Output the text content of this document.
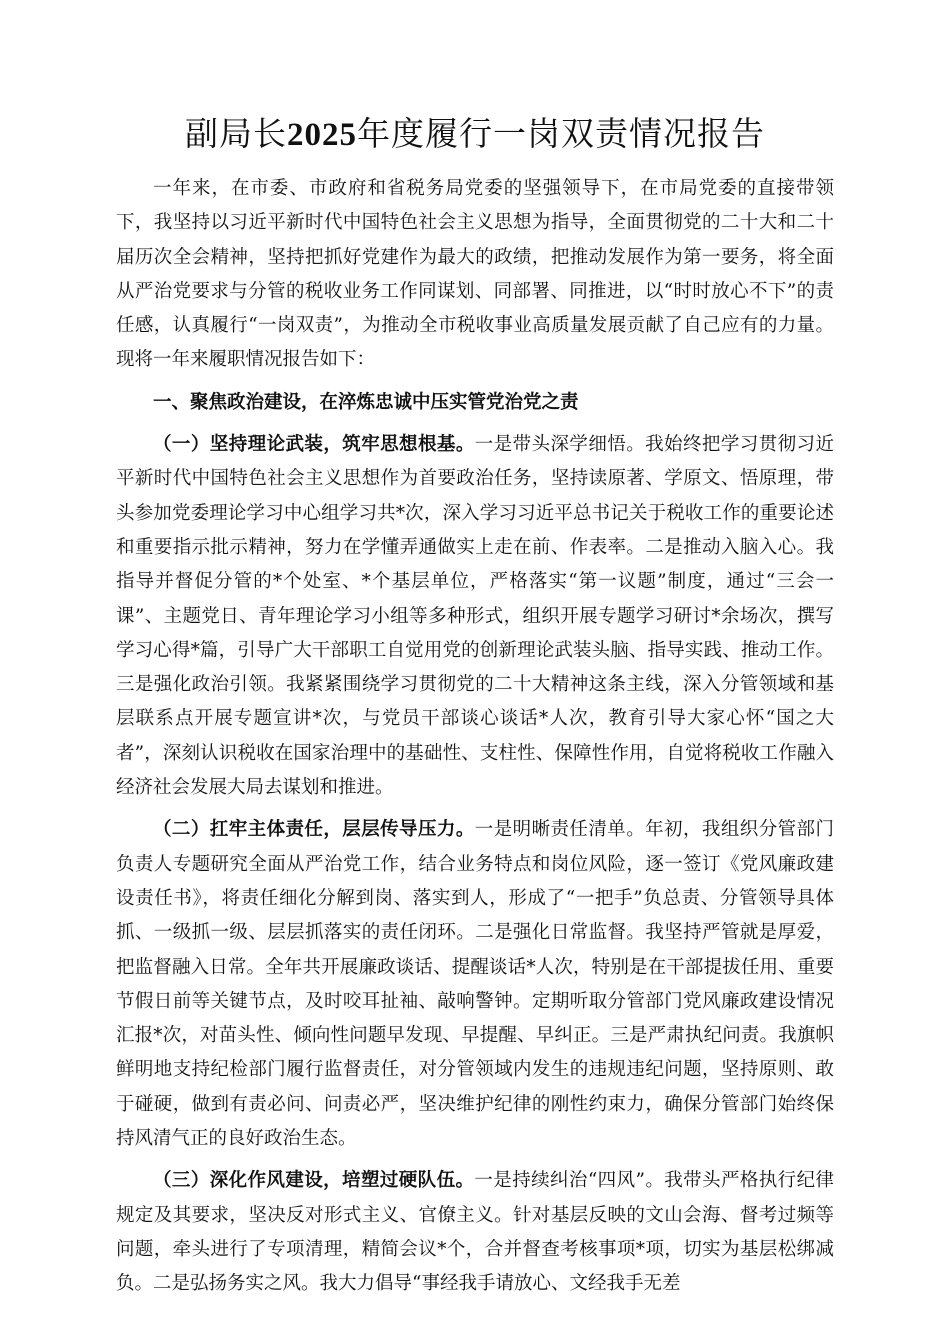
副局长2025年度履行一岗双责情况报告

一年来，在市委、市政府和省税务局党委的坚强领导下，在市局党委的直接带领下，我坚持以习近平新时代中国特色社会主义思想为指导，全面贯彻党的二十大和二十届历次全会精神，坚持把抓好党建作为最大的政绩，把推动发展作为第一要务，将全面从严治党要求与分管的税收业务工作同谋划、同部署、同推进，以“时时放心不下”的责任感，认真履行“一岗双责”，为推动全市税收事业高质量发展贡献了自己应有的力量。现将一年来履职情况报告如下：

一、聚焦政治建设，在淬炼忠诚中压实管党治党之责

（一）坚持理论武装，筑牢思想根基。一是带头深学细悟。我始终把学习贯彻习近平新时代中国特色社会主义思想作为首要政治任务，坚持读原著、学原文、悟原理，带头参加党委理论学习中心组学习共*次，深入学习习近平总书记关于税收工作的重要论述和重要指示批示精神，努力在学懂弄通做实上走在前、作表率。二是推动入脑入心。我指导并督促分管的*个处室、*个基层单位，严格落实“第一议题”制度，通过“三会一课”、主题党日、青年理论学习小组等多种形式，组织开展专题学习研讨*余场次，撰写学习心得*篇，引导广大干部职工自觉用党的创新理论武装头脑、指导实践、推动工作。三是强化政治引领。我紧紧围绕学习贯彻党的二十大精神这条主线，深入分管领域和基层联系点开展专题宣讲*次，与党员干部谈心谈话*人次，教育引导大家心怀“国之大者”，深刻认识税收在国家治理中的基础性、支柱性、保障性作用，自觉将税收工作融入经济社会发展大局去谋划和推进。

（二）扛牢主体责任，层层传导压力。一是明晰责任清单。年初，我组织分管部门负责人专题研究全面从严治党工作，结合业务特点和岗位风险，逐一签订《党风廉政建设责任书》，将责任细化分解到岗、落实到人，形成了“一把手”负总责、分管领导具体抓、一级抓一级、层层抓落实的责任闭环。二是强化日常监督。我坚持严管就是厚爱，把监督融入日常。全年共开展廉政谈话、提醒谈话*人次，特别是在干部提拔任用、重要节假日前等关键节点，及时咬耳扯袖、敲响警钟。定期听取分管部门党风廉政建设情况汇报*次，对苗头性、倾向性问题早发现、早提醒、早纠正。三是严肃执纪问责。我旗帜鲜明地支持纪检部门履行监督责任，对分管领域内发生的违规违纪问题，坚持原则、敢于碰硬，做到有责必问、问责必严，坚决维护纪律的刚性约束力，确保分管部门始终保持风清气正的良好政治生态。

（三）深化作风建设，培塑过硬队伍。一是持续纠治“四风”。我带头严格执行纪律规定及其要求，坚决反对形式主义、官僚主义。针对基层反映的文山会海、督考过频等问题，牵头进行了专项清理，精简会议*个，合并督查考核事项*项，切实为基层松绑减负。二是弘扬务实之风。我大力倡导“事经我手请放心、文经我手无差
